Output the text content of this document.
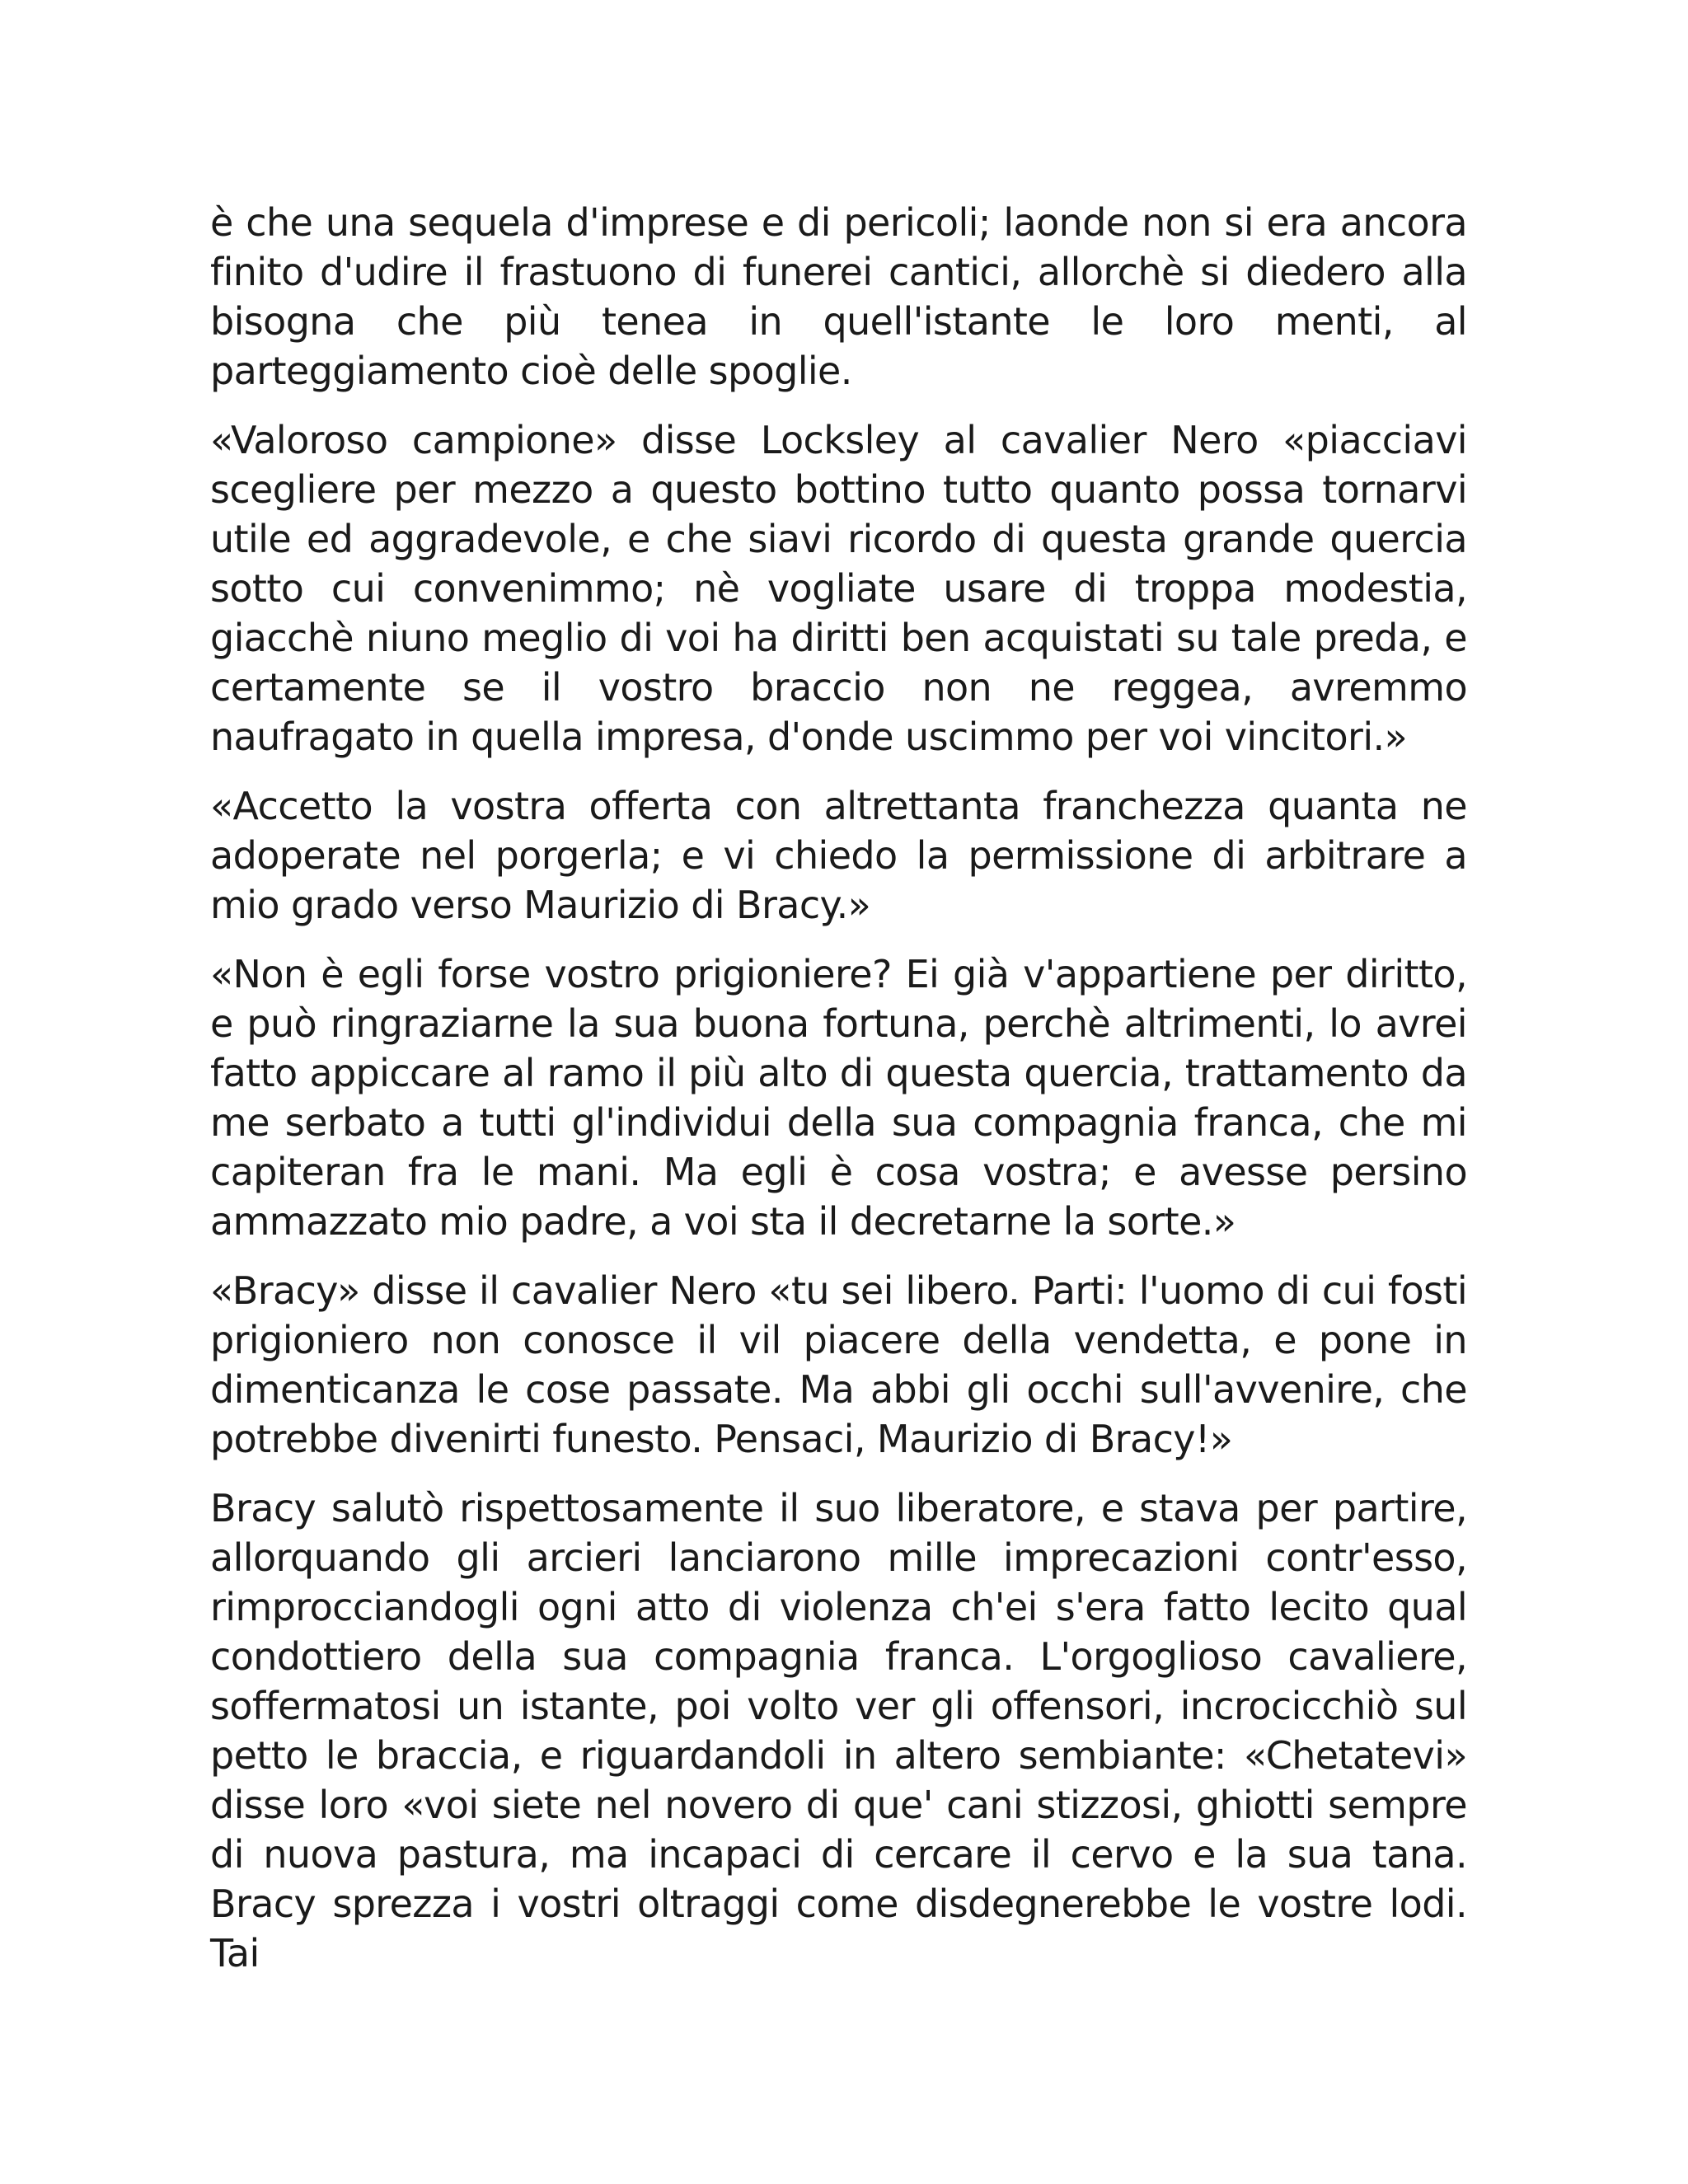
è che una sequela d'imprese e di pericoli; laonde non si era ancora finito d'udire il frastuono di funerei cantici, allorchè si diedero alla bisogna che più tenea in quell'istante le loro menti, al parteggiamento cioè delle spoglie.

«Valoroso campione» disse Locksley al cavalier Nero «piacciavi scegliere per mezzo a questo bottino tutto quanto possa tornarvi utile ed aggradevole, e che siavi ricordo di questa grande quercia sotto cui convenimmo; nè vogliate usare di troppa modestia, giacchè niuno meglio di voi ha diritti ben acquistati su tale preda, e certamente se il vostro braccio non ne reggea, avremmo naufragato in quella impresa, d'onde uscimmo per voi vincitori.»

«Accetto la vostra offerta con altrettanta franchezza quanta ne adoperate nel porgerla; e vi chiedo la permissione di arbitrare a mio grado verso Maurizio di Bracy.»

«Non è egli forse vostro prigioniere? Ei già v'appartiene per diritto, e può ringraziarne la sua buona fortuna, perchè altrimenti, lo avrei fatto appiccare al ramo il più alto di questa quercia, trattamento da me serbato a tutti gl'individui della sua compagnia franca, che mi capiteran fra le mani. Ma egli è cosa vostra; e avesse persino ammazzato mio padre, a voi sta il decretarne la sorte.»

«Bracy» disse il cavalier Nero «tu sei libero. Parti: l'uomo di cui fosti prigioniero non conosce il vil piacere della vendetta, e pone in dimenticanza le cose passate. Ma abbi gli occhi sull'avvenire, che potrebbe divenirti funesto. Pensaci, Maurizio di Bracy!»

Bracy salutò rispettosamente il suo liberatore, e stava per partire, allorquando gli arcieri lanciarono mille imprecazioni contr'esso, rimprocciandogli ogni atto di violenza ch'ei s'era fatto lecito qual condottiero della sua compagnia franca. L'orgoglioso cavaliere, soffermatosi un istante, poi volto ver gli offensori, incrocicchiò sul petto le braccia, e riguardandoli in altero sembiante: «Chetatevi» disse loro «voi siete nel novero di que' cani stizzosi, ghiotti sempre di nuova pastura, ma incapaci di cercare il cervo e la sua tana. Bracy sprezza i vostri oltraggi come disdegnerebbe le vostre lodi. Tai
